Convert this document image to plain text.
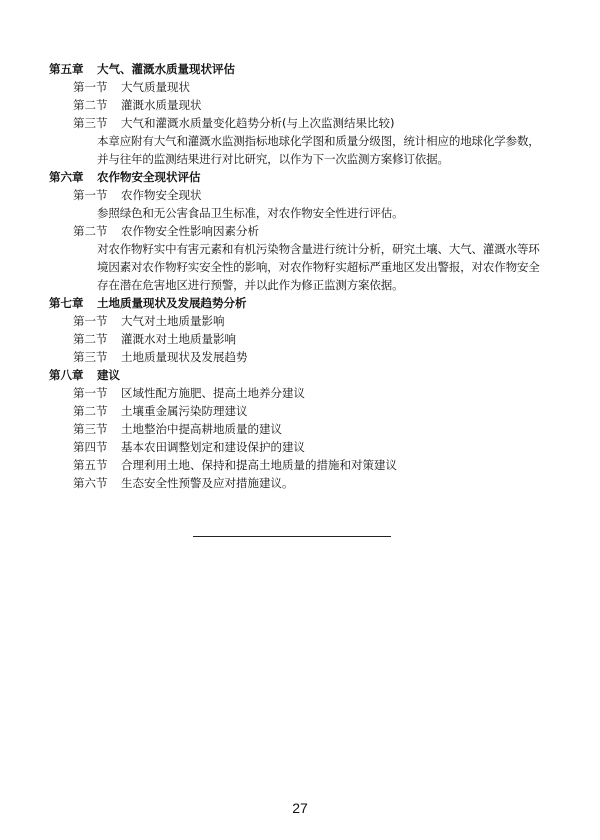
第五章 大气、灌溉水质量现状评估
第一节 大气质量现状
第二节 灌溉水质量现状
第三节 大气和灌溉水质量变化趋势分析(与上次监测结果比较)
本章应附有大气和灌溉水监测指标地球化学图和质量分级图，统计相应的地球化学参数，
并与往年的监测结果进行对比研究，以作为下一次监测方案修订依据。
第六章 农作物安全现状评估
第一节 农作物安全现状
参照绿色和无公害食品卫生标准，对农作物安全性进行评估。
第二节 农作物安全性影响因素分析
对农作物籽实中有害元素和有机污染物含量进行统计分析，研究土壤、大气、灌溉水等环
境因素对农作物籽实安全性的影响，对农作物籽实超标严重地区发出警报，对农作物安全
存在潜在危害地区进行预警，并以此作为修正监测方案依据。
第七章 土地质量现状及发展趋势分析
第一节 大气对土地质量影响
第二节 灌溉水对土地质量影响
第三节 土地质量现状及发展趋势
第八章 建议
第一节 区域性配方施肥、提高土地养分建议
第二节 土壤重金属污染防理建议
第三节 土地整治中提高耕地质量的建议
第四节 基本农田调整划定和建设保护的建议
第五节 合理利用土地、保持和提高土地质量的措施和对策建议
第六节 生态安全性预警及应对措施建议。
27
